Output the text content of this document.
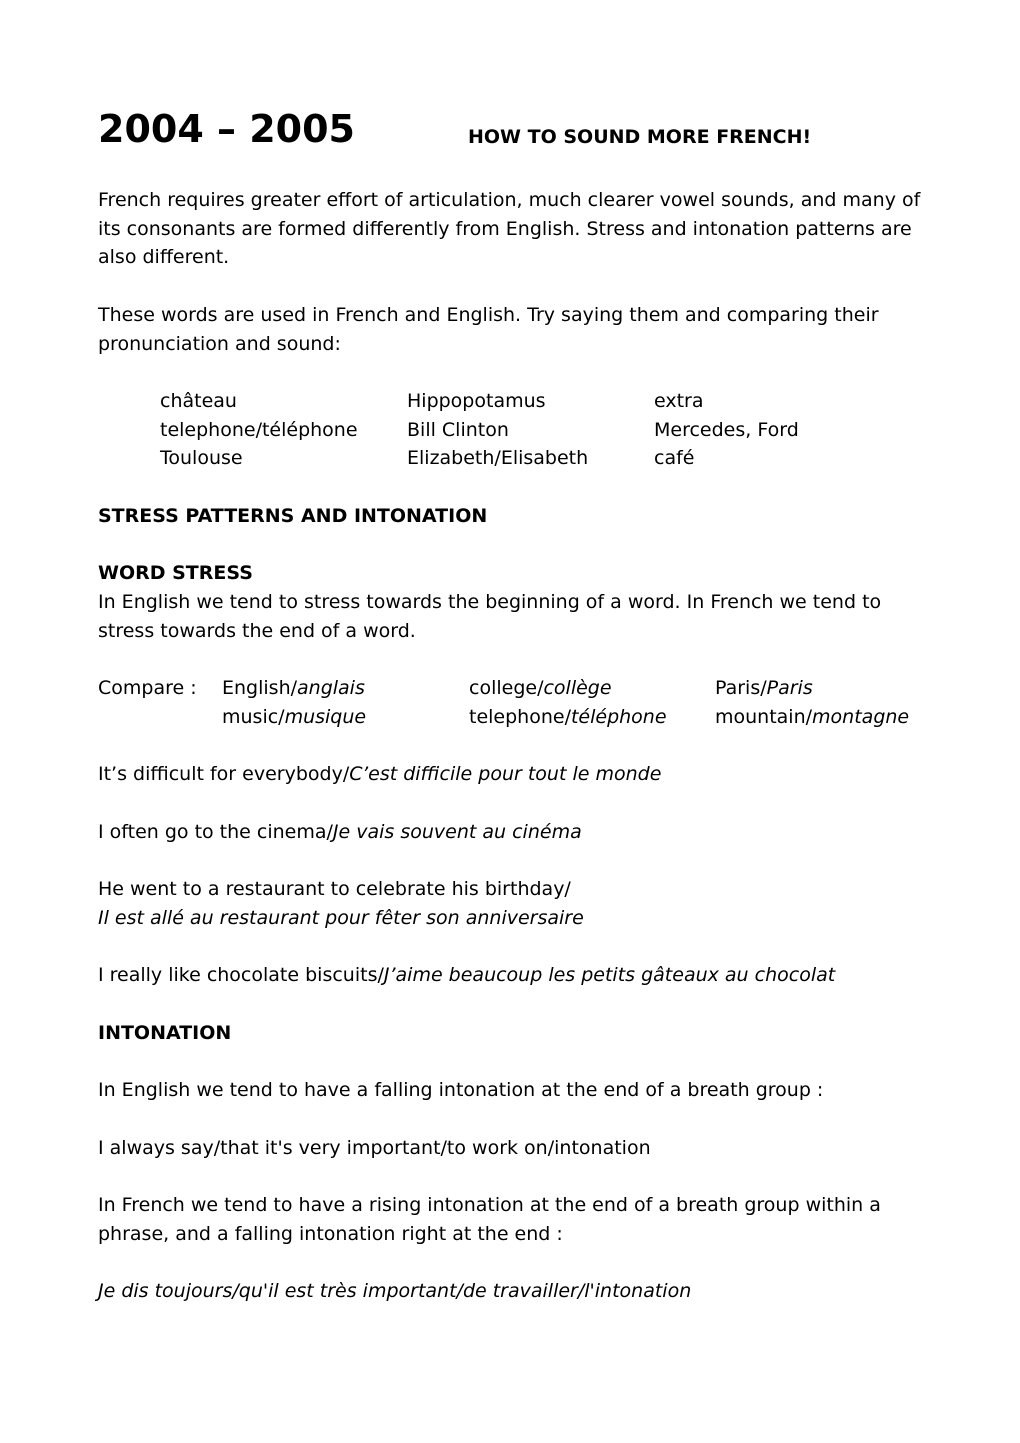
2004 – 2005	HOW TO SOUND MORE FRENCH!
French requires greater effort of articulation, much clearer vowel sounds, and many of its consonants are formed differently from English. Stress and intonation patterns are also different.
These words are used in French and English. Try saying them and comparing their pronunciation and sound:
château	Hippopotamus	extra
telephone/téléphone	Bill Clinton	Mercedes, Ford
Toulouse	Elizabeth/Elisabeth	café
STRESS PATTERNS AND INTONATION
WORD STRESS
In English we tend to stress towards the beginning of a word. In French we tend to stress towards the end of a word.
Compare : English/anglais	college/collège	Paris/Paris
music/musique	telephone/téléphone	mountain/montagne
It’s difficult for everybody/C’est difficile pour tout le monde
I often go to the cinema/Je vais souvent au cinéma
He went to a restaurant to celebrate his birthday/
Il est allé au restaurant pour fêter son anniversaire
I really like chocolate biscuits/J’aime beaucoup les petits gâteaux au chocolat
INTONATION
In English we tend to have a falling intonation at the end of a breath group :
I always say/that it's very important/to work on/intonation
In French we tend to have a rising intonation at the end of a breath group within a phrase, and a falling intonation right at the end :
Je dis toujours/qu'il est très important/de travailler/l'intonation
